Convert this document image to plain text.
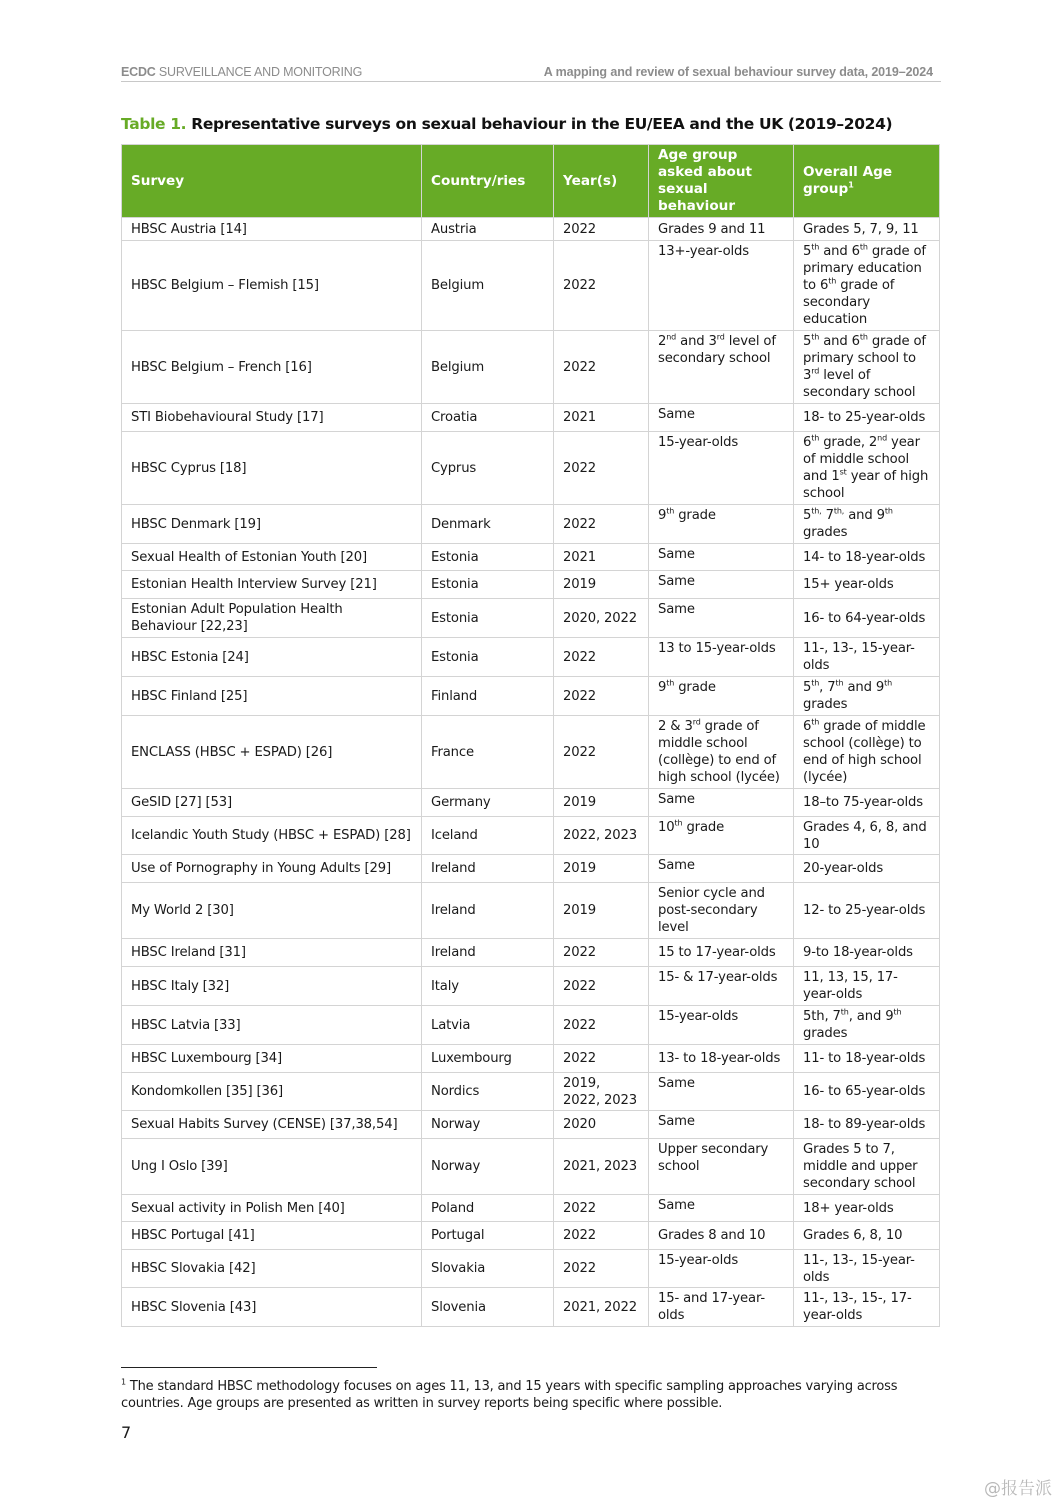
ECDC SURVEILLANCE AND MONITORING	A mapping and review of sexual behaviour survey data, 2019–2024
Table 1. Representative surveys on sexual behaviour in the EU/EEA and the UK (2019–2024)
Survey	Country/ries	Year(s)	Age group asked about sexual behaviour	Overall Age group$^1$
HBSC Austria [14]	Austria	2022	Grades 9 and 11	Grades 5, 7, 9, 11
HBSC Belgium – Flemish [15]	Belgium	2022	13+-year-olds	5th and 6th grade of primary education to 6th grade of secondary education
HBSC Belgium – French [16]	Belgium	2022	2nd and 3rd level of secondary school	5th and 6th grade of primary school to 3rd level of secondary school
STI Biobehavioural Study [17]	Croatia	2021	Same	18- to 25-year-olds
HBSC Cyprus [18]	Cyprus	2022	15-year-olds	6th grade, 2nd year of middle school and 1st year of high school
HBSC Denmark [19]	Denmark	2022	9th grade	$5^{th,}$ $7^{th,}$ and 9th grades
Sexual Health of Estonian Youth [20]	Estonia	2021	Same	14- to 18-year-olds
Estonian Health Interview Survey [21]	Estonia	2019	Same	15+ year-olds
Estonian Adult Population Health Behaviour [22,23]	Estonia	2020, 2022	Same	16- to 64-year-olds
HBSC Estonia [24]	Estonia	2022	13 to 15-year-olds	11-, 13-, 15-year-olds
HBSC Finland [25]	Finland	2022	9th grade	5th, 7th and 9th grades
ENCLASS (HBSC + ESPAD) [26]	France	2022	2 & 3rd grade of middle school (collège) to end of high school (lycée)	6th grade of middle school (collège) to end of high school (lycée)
GeSID [27] [53]	Germany	2019	Same	18–to 75-year-olds
Icelandic Youth Study (HBSC + ESPAD) [28]	Iceland	2022, 2023	10th grade	Grades 4, 6, 8, and 10
Use of Pornography in Young Adults [29]	Ireland	2019	Same	20-year-olds
My World 2 [30]	Ireland	2019	Senior cycle and post-secondary level	12- to 25-year-olds
HBSC Ireland [31]	Ireland	2022	15 to 17-year-olds	9-to 18-year-olds
HBSC Italy [32]	Italy	2022	15- & 17-year-olds	11, 13, 15, 17-year-olds
HBSC Latvia [33]	Latvia	2022	15-year-olds	5th, 7th, and 9th grades
HBSC Luxembourg [34]	Luxembourg	2022	13- to 18-year-olds	11- to 18-year-olds
Kondomkollen [35] [36]	Nordics	2019, 2022, 2023	Same	16- to 65-year-olds
Sexual Habits Survey (CENSE) [37,38,54]	Norway	2020	Same	18- to 89-year-olds
Ung I Oslo [39]	Norway	2021, 2023	Upper secondary school	Grades 5 to 7, middle and upper secondary school
Sexual activity in Polish Men [40]	Poland	2022	Same	18+ year-olds
HBSC Portugal [41]	Portugal	2022	Grades 8 and 10	Grades 6, 8, 10
HBSC Slovakia [42]	Slovakia	2022	15-year-olds	11-, 13-, 15-year-olds
HBSC Slovenia [43]	Slovenia	2021, 2022	15- and 17-year-olds	11-, 13-, 15-, 17-year-olds
$^1$ The standard HBSC methodology focuses on ages 11, 13, and 15 years with specific sampling approaches varying across countries. Age groups are presented as written in survey reports being specific where possible.
7
@报告派
